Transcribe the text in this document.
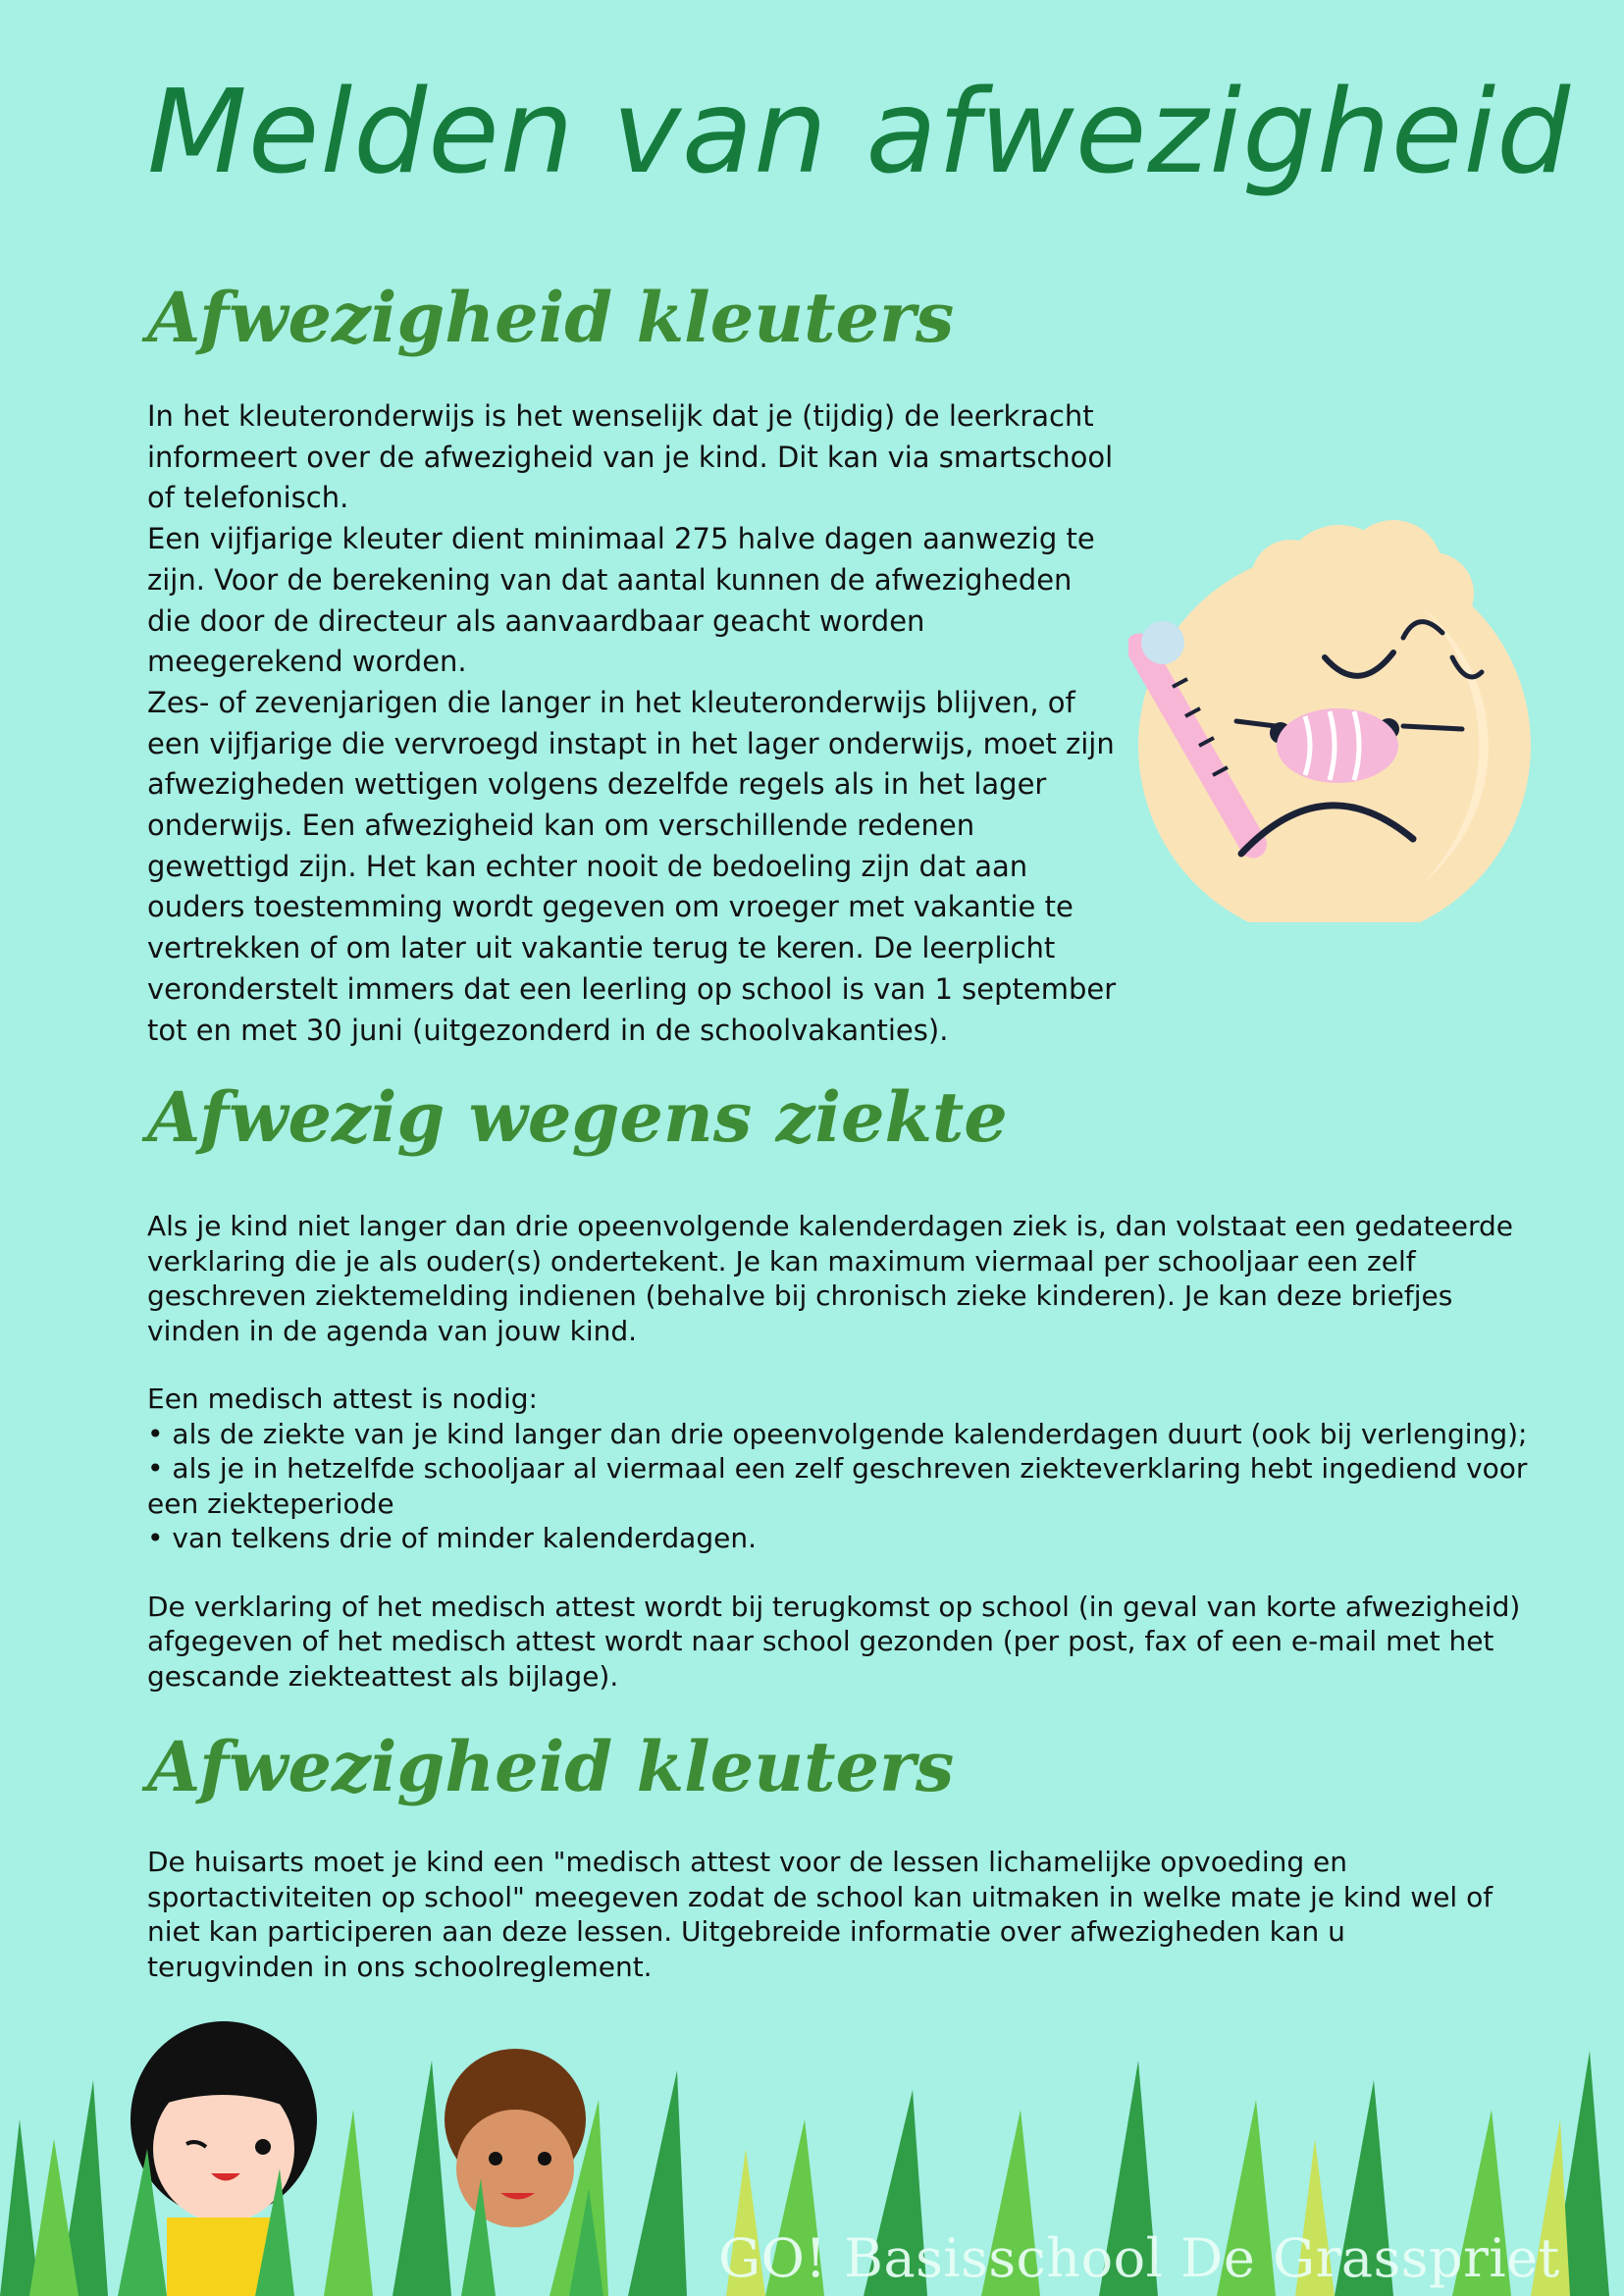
Melden van afwezigheid
Afwezigheid kleuters
In het kleuteronderwijs is het wenselijk dat je (tijdig) de leerkracht
informeert over de afwezigheid van je kind. Dit kan via smartschool
of telefonisch.
Een vijfjarige kleuter dient minimaal 275 halve dagen aanwezig te
zijn. Voor de berekening van dat aantal kunnen de afwezigheden
die door de directeur als aanvaardbaar geacht worden
meegerekend worden.
Zes- of zevenjarigen die langer in het kleuteronderwijs blijven, of
een vijfjarige die vervroegd instapt in het lager onderwijs, moet zijn
afwezigheden wettigen volgens dezelfde regels als in het lager
onderwijs. Een afwezigheid kan om verschillende redenen
gewettigd zijn. Het kan echter nooit de bedoeling zijn dat aan
ouders toestemming wordt gegeven om vroeger met vakantie te
vertrekken of om later uit vakantie terug te keren. De leerplicht
veronderstelt immers dat een leerling op school is van 1 september
tot en met 30 juni (uitgezonderd in de schoolvakanties).
Afwezig wegens ziekte
Als je kind niet langer dan drie opeenvolgende kalenderdagen ziek is, dan volstaat een gedateerde
verklaring die je als ouder(s) ondertekent. Je kan maximum viermaal per schooljaar een zelf
geschreven ziektemelding indienen (behalve bij chronisch zieke kinderen). Je kan deze briefjes
vinden in de agenda van jouw kind.
Een medisch attest is nodig:
• als de ziekte van je kind langer dan drie opeenvolgende kalenderdagen duurt (ook bij verlenging);
• als je in hetzelfde schooljaar al viermaal een zelf geschreven ziekteverklaring hebt ingediend voor
een ziekteperiode
• van telkens drie of minder kalenderdagen.
De verklaring of het medisch attest wordt bij terugkomst op school (in geval van korte afwezigheid)
afgegeven of het medisch attest wordt naar school gezonden (per post, fax of een e-mail met het
gescande ziekteattest als bijlage).
Afwezigheid kleuters
De huisarts moet je kind een "medisch attest voor de lessen lichamelijke opvoeding en
sportactiviteiten op school" meegeven zodat de school kan uitmaken in welke mate je kind wel of
niet kan participeren aan deze lessen. Uitgebreide informatie over afwezigheden kan u
terugvinden in ons schoolreglement.
GO! Basisschool De Grasspriet
